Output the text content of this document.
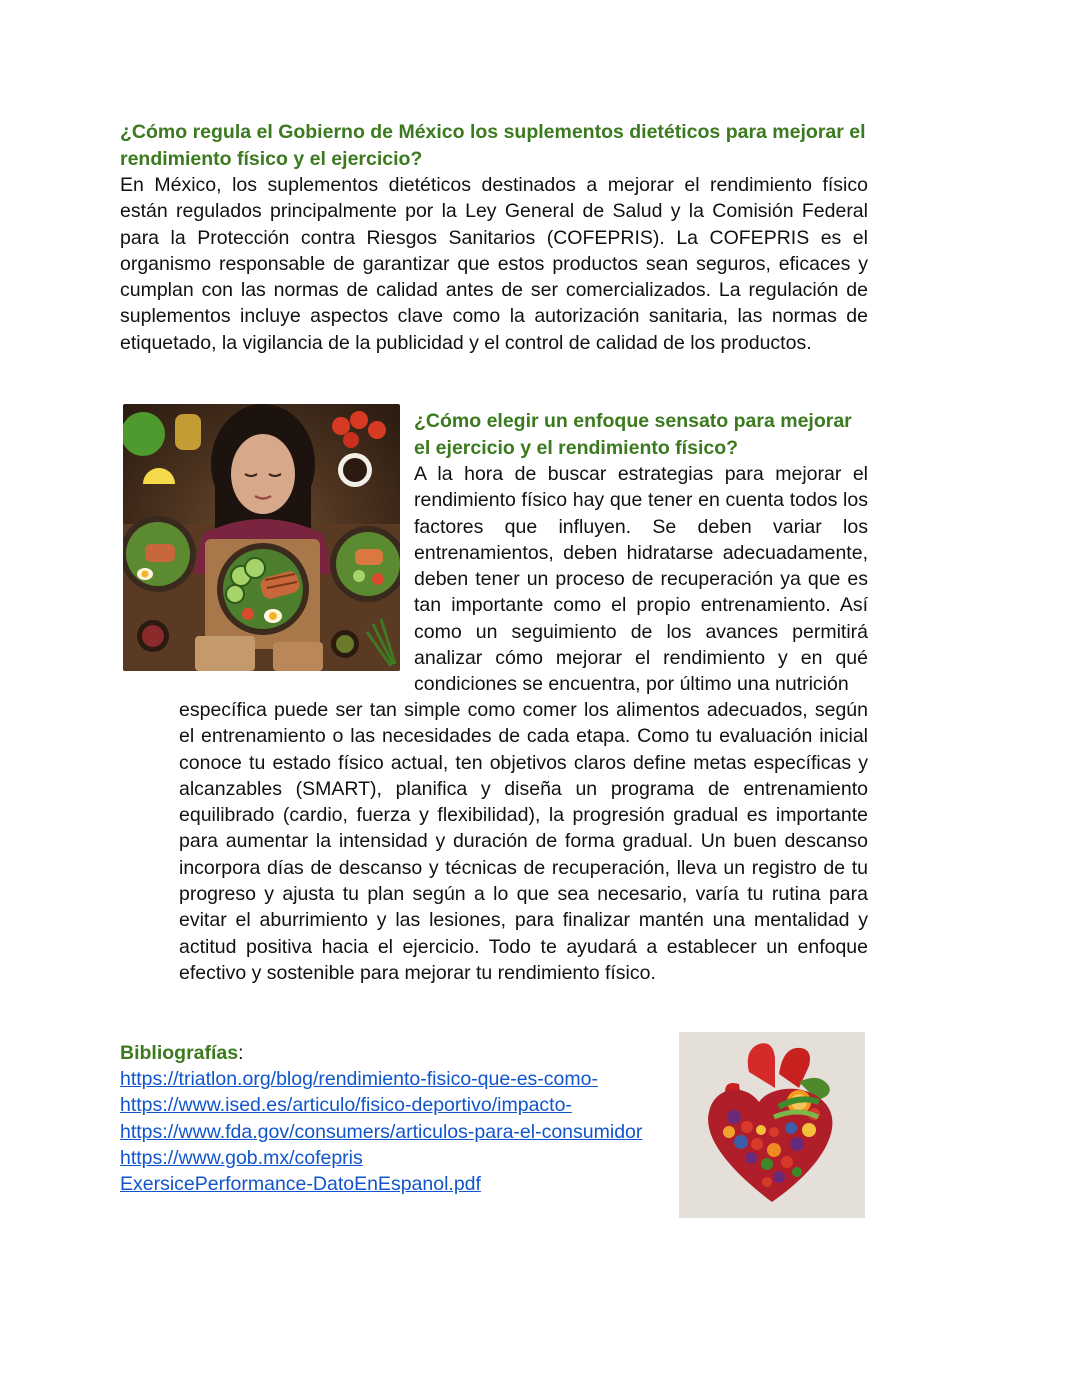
¿Cómo regula el Gobierno de México los suplementos dietéticos para mejorar el rendimiento físico y el ejercicio?

En México, los suplementos dietéticos destinados a mejorar el rendimiento físico están regulados principalmente por la Ley General de Salud y la Comisión Federal para la Protección contra Riesgos Sanitarios (COFEPRIS). La COFEPRIS es el organismo responsable de garantizar que estos productos sean seguros, eficaces y cumplan con las normas de calidad antes de ser comercializados. La regulación de suplementos incluye aspectos clave como la autorización sanitaria, las normas de etiquetado, la vigilancia de la publicidad y el control de calidad de los productos.

¿Cómo elegir un enfoque sensato para mejorar el ejercicio y el rendimiento físico?

A la hora de buscar estrategias para mejorar el rendimiento físico hay que tener en cuenta todos los factores que influyen. Se deben variar los entrenamientos, deben hidratarse adecuadamente, deben tener un proceso de recuperación ya que es tan importante como el propio entrenamiento. Así como un seguimiento de los avances permitirá analizar cómo mejorar el rendimiento y en qué condiciones se encuentra, por último una nutrición

específica puede ser tan simple como comer los alimentos adecuados, según el entrenamiento o las necesidades de cada etapa. Como tu evaluación inicial conoce tu estado físico actual, ten objetivos claros define metas específicas y alcanzables (SMART), planifica y diseña un programa de entrenamiento equilibrado (cardio, fuerza y flexibilidad), la progresión gradual es importante para aumentar la intensidad y duración de forma gradual. Un buen descanso incorpora días de descanso y técnicas de recuperación, lleva un registro de tu progreso y ajusta tu plan según a lo que sea necesario, varía tu rutina para evitar el aburrimiento y las lesiones, para finalizar mantén una mentalidad y actitud positiva hacia el ejercicio. Todo te ayudará a establecer un enfoque efectivo y sostenible para mejorar tu rendimiento físico.

Bibliografías:
https://triatlon.org/blog/rendimiento-fisico-que-es-como-
https://www.ised.es/articulo/fisico-deportivo/impacto-
https://www.fda.gov/consumers/articulos-para-el-consumidor
https://www.gob.mx/cofepris
ExersicePerformance-DatoEnEspanol.pdf
